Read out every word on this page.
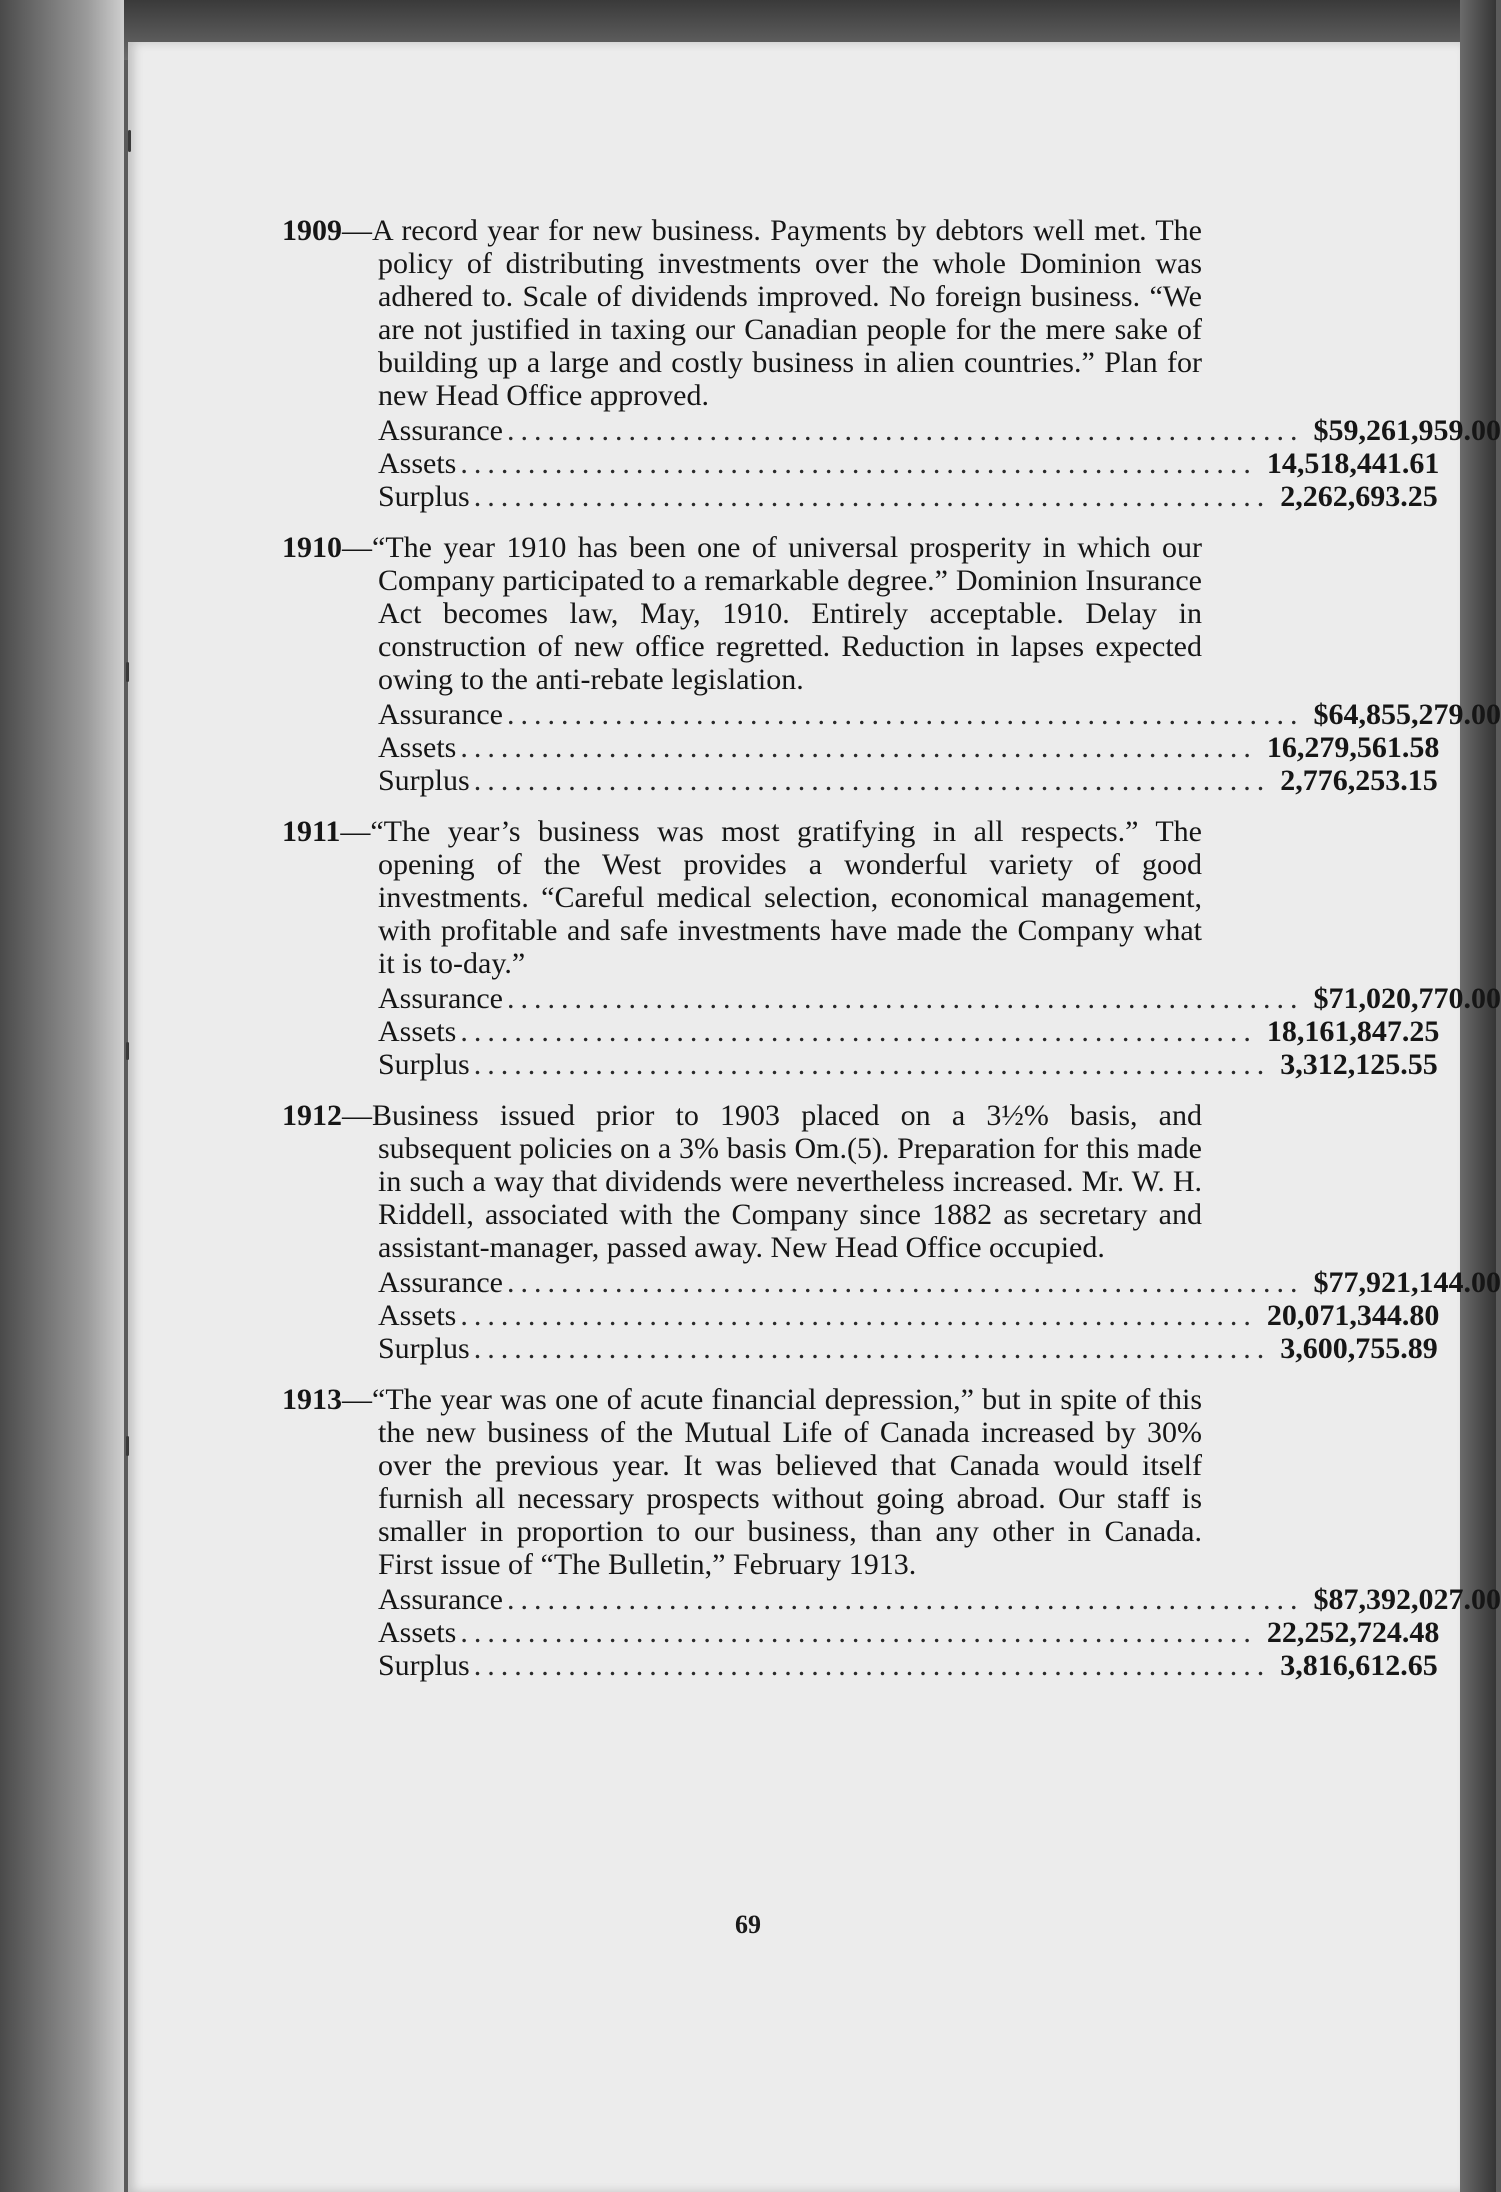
1909—A record year for new business. Payments by debtors well met. The policy of distributing investments over the whole Dominion was adhered to. Scale of dividends improved. No foreign business. “We are not justified in taxing our Canadian people for the mere sake of building up a large and costly business in alien countries.” Plan for new Head Office approved.
Assurance ........................................................... $59,261,959.00
Assets ........................................................... 14,518,441.61
Surplus ........................................................... 2,262,693.25
1910—“The year 1910 has been one of universal prosperity in which our Company participated to a remarkable degree.” Dominion Insurance Act becomes law, May, 1910. Entirely acceptable. Delay in construction of new office regretted. Reduction in lapses expected owing to the anti-rebate legislation.
Assurance ........................................................... $64,855,279.00
Assets ........................................................... 16,279,561.58
Surplus ........................................................... 2,776,253.15
1911—“The year’s business was most gratifying in all respects.” The opening of the West provides a wonderful variety of good investments. “Careful medical selection, economical management, with profitable and safe investments have made the Company what it is to-day.”
Assurance ........................................................... $71,020,770.00
Assets ........................................................... 18,161,847.25
Surplus ........................................................... 3,312,125.55
1912—Business issued prior to 1903 placed on a 3½% basis, and subsequent policies on a 3% basis Om.(5). Preparation for this made in such a way that dividends were nevertheless increased. Mr. W. H. Riddell, associated with the Company since 1882 as secretary and assistant-manager, passed away. New Head Office occupied.
Assurance ........................................................... $77,921,144.00
Assets ........................................................... 20,071,344.80
Surplus ........................................................... 3,600,755.89
1913—“The year was one of acute financial depression,” but in spite of this the new business of the Mutual Life of Canada increased by 30% over the previous year. It was believed that Canada would itself furnish all necessary prospects without going abroad. Our staff is smaller in proportion to our business, than any other in Canada. First issue of “The Bulletin,” February 1913.
Assurance ........................................................... $87,392,027.00
Assets ........................................................... 22,252,724.48
Surplus ........................................................... 3,816,612.65
69
